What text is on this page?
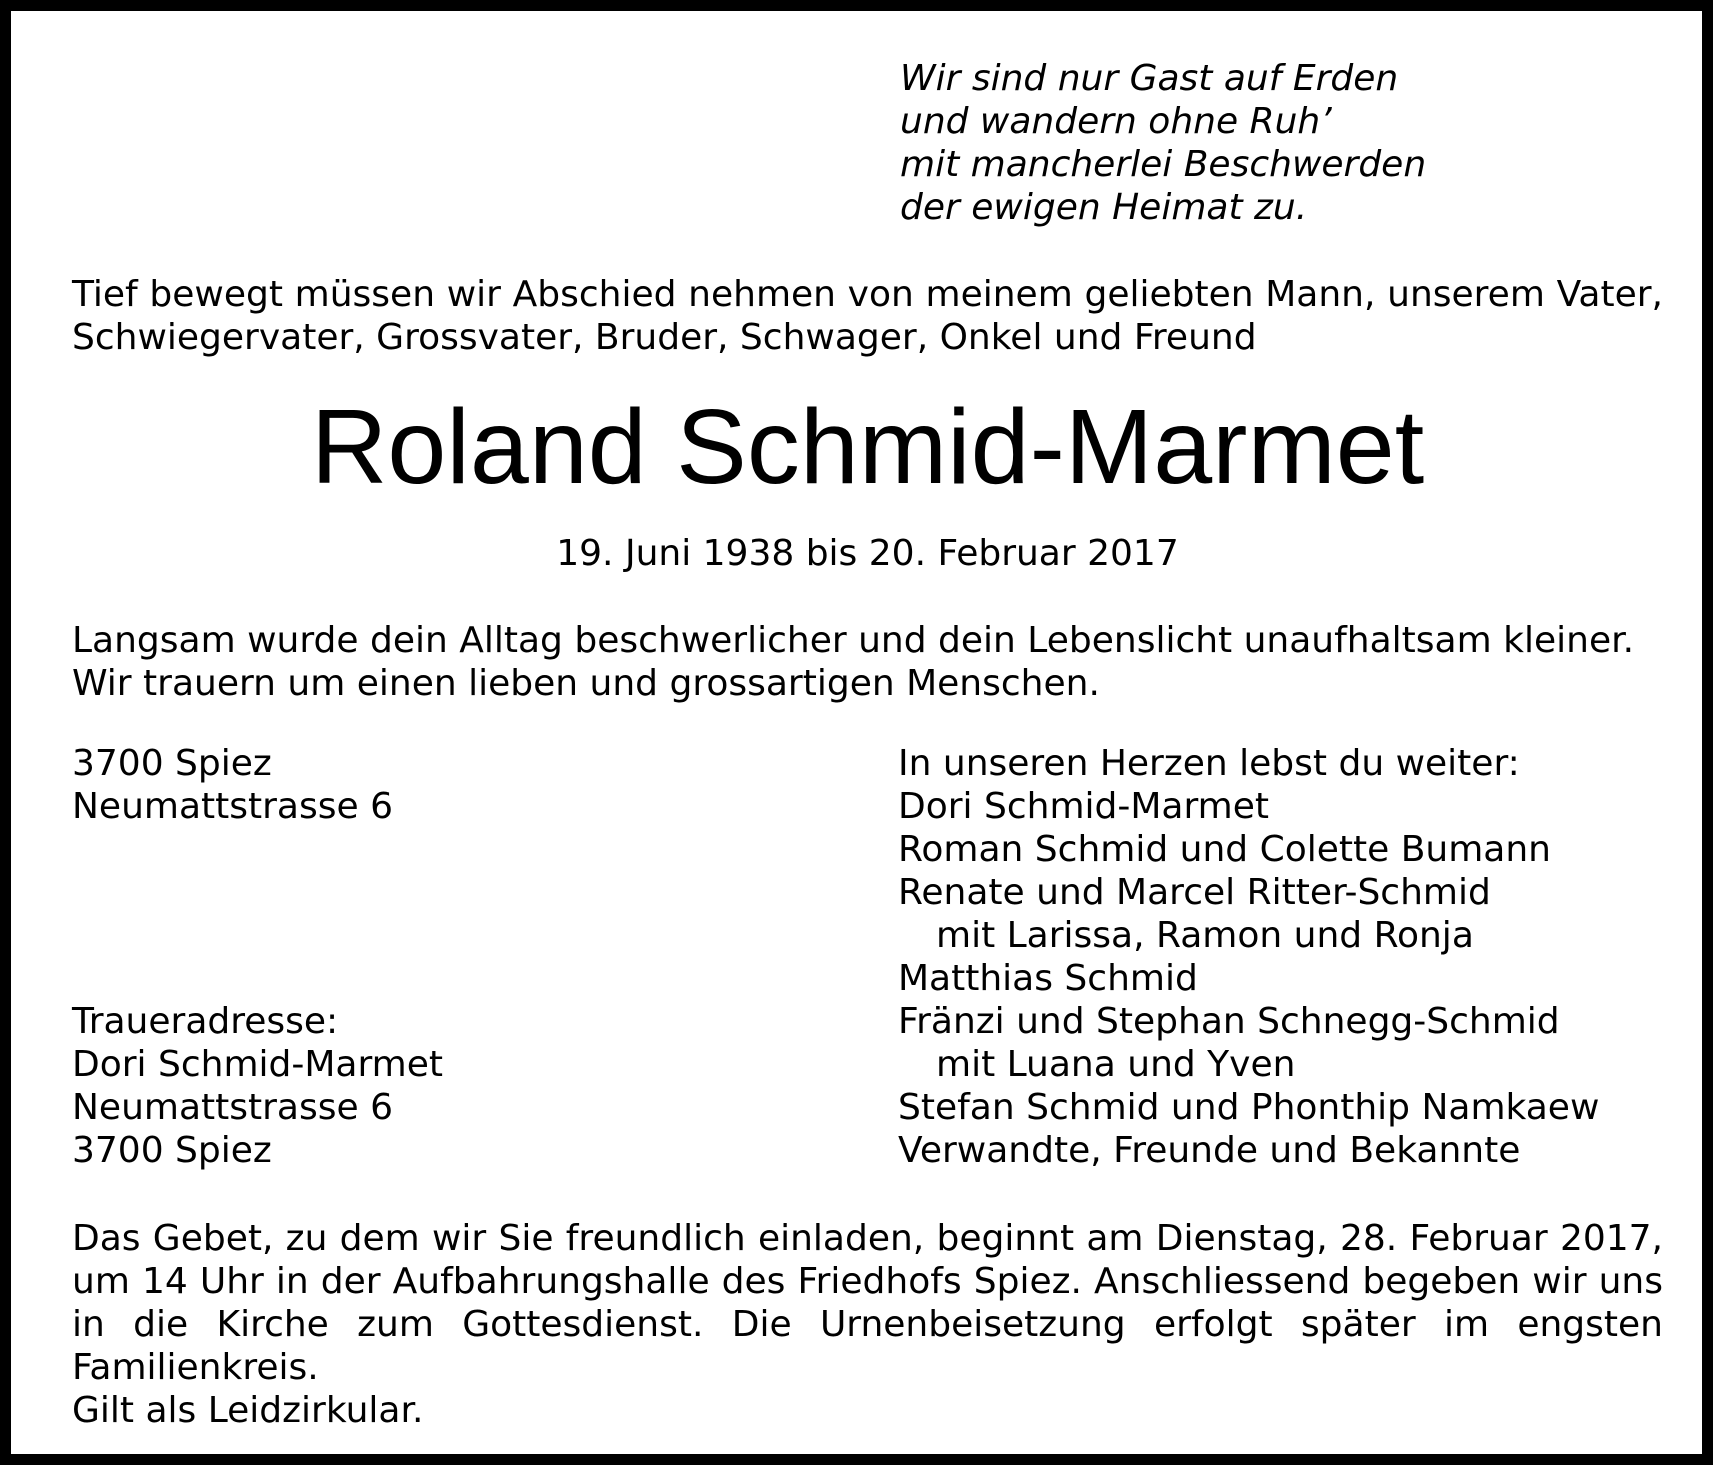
Wir sind nur Gast auf Erden
und wandern ohne Ruh’
mit mancherlei Beschwerden
der ewigen Heimat zu.

Tief bewegt müssen wir Abschied nehmen von meinem geliebten Mann, unserem Vater, Schwiegervater, Grossvater, Bruder, Schwager, Onkel und Freund

Roland Schmid-Marmet
19. Juni 1938 bis 20. Februar 2017
Langsam wurde dein Alltag beschwerlicher und dein Lebenslicht unaufhaltsam kleiner.
Wir trauern um einen lieben und grossartigen Menschen.
3700 Spiez
Neumattstrasse 6
Traueradresse:
Dori Schmid-Marmet
Neumattstrasse 6
3700 Spiez
In unseren Herzen lebst du weiter:
Dori Schmid-Marmet
Roman Schmid und Colette Bumann
Renate und Marcel Ritter-Schmid
mit Larissa, Ramon und Ronja
Matthias Schmid
Fränzi und Stephan Schnegg-Schmid
mit Luana und Yven
Stefan Schmid und Phonthip Namkaew
Verwandte, Freunde und Bekannte

Das Gebet, zu dem wir Sie freundlich einladen, beginnt am Dienstag, 28. Februar 2017, um 14 Uhr in der Aufbahrungshalle des Friedhofs Spiez. Anschliessend begeben wir uns in die Kirche zum Gottesdienst. Die Urnenbeisetzung erfolgt später im engsten Familienkreis.

Gilt als Leidzirkular.
